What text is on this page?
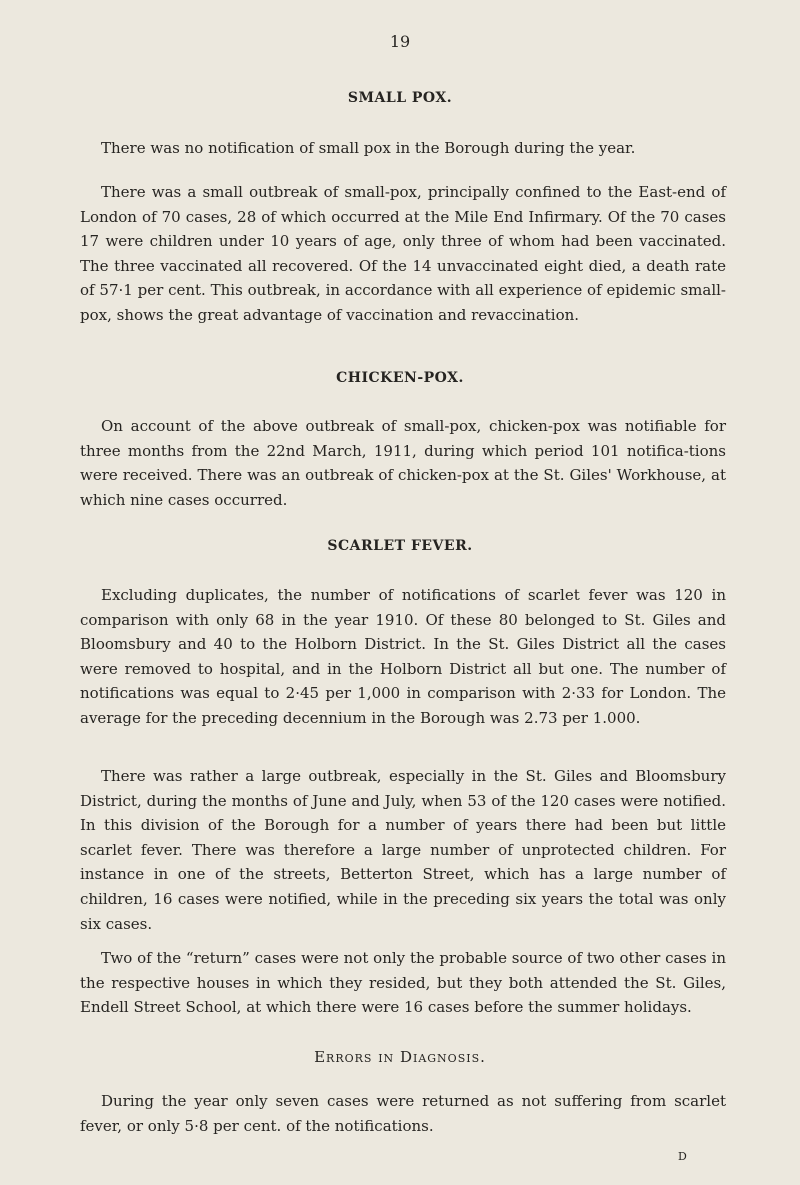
19
SMALL POX.

There was no notification of small pox in the Borough during the year.

There was a small outbreak of small-pox, principally confined to the East-end of London of 70 cases, 28 of which occurred at the Mile End Infirmary. Of the 70 cases 17 were children under 10 years of age, only three of whom had been vaccinated. The three vaccinated all recovered. Of the 14 unvaccinated eight died, a death rate of 57·1 per cent. This outbreak, in accordance with all experience of epidemic small-pox, shows the great advantage of vaccination and revaccination.

CHICKEN-POX.

On account of the above outbreak of small-pox, chicken-pox was notifiable for three months from the 22nd March, 1911, during which period 101 notifica-tions were received. There was an outbreak of chicken-pox at the St. Giles' Workhouse, at which nine cases occurred.

SCARLET FEVER.

Excluding duplicates, the number of notifications of scarlet fever was 120 in comparison with only 68 in the year 1910. Of these 80 belonged to St. Giles and Bloomsbury and 40 to the Holborn District. In the St. Giles District all the cases were removed to hospital, and in the Holborn District all but one. The number of notifications was equal to 2·45 per 1,000 in comparison with 2·33 for London. The average for the preceding decennium in the Borough was 2.73 per 1.000.

There was rather a large outbreak, especially in the St. Giles and Bloomsbury District, during the months of June and July, when 53 of the 120 cases were notified. In this division of the Borough for a number of years there had been but little scarlet fever. There was therefore a large number of unprotected children. For instance in one of the streets, Betterton Street, which has a large number of children, 16 cases were notified, while in the preceding six years the total was only six cases.

Two of the “return” cases were not only the probable source of two other cases in the respective houses in which they resided, but they both attended the St. Giles, Endell Street School, at which there were 16 cases before the summer holidays.

Errors in Diagnosis.

During the year only seven cases were returned as not suffering from scarlet fever, or only 5·8 per cent. of the notifications.

D
